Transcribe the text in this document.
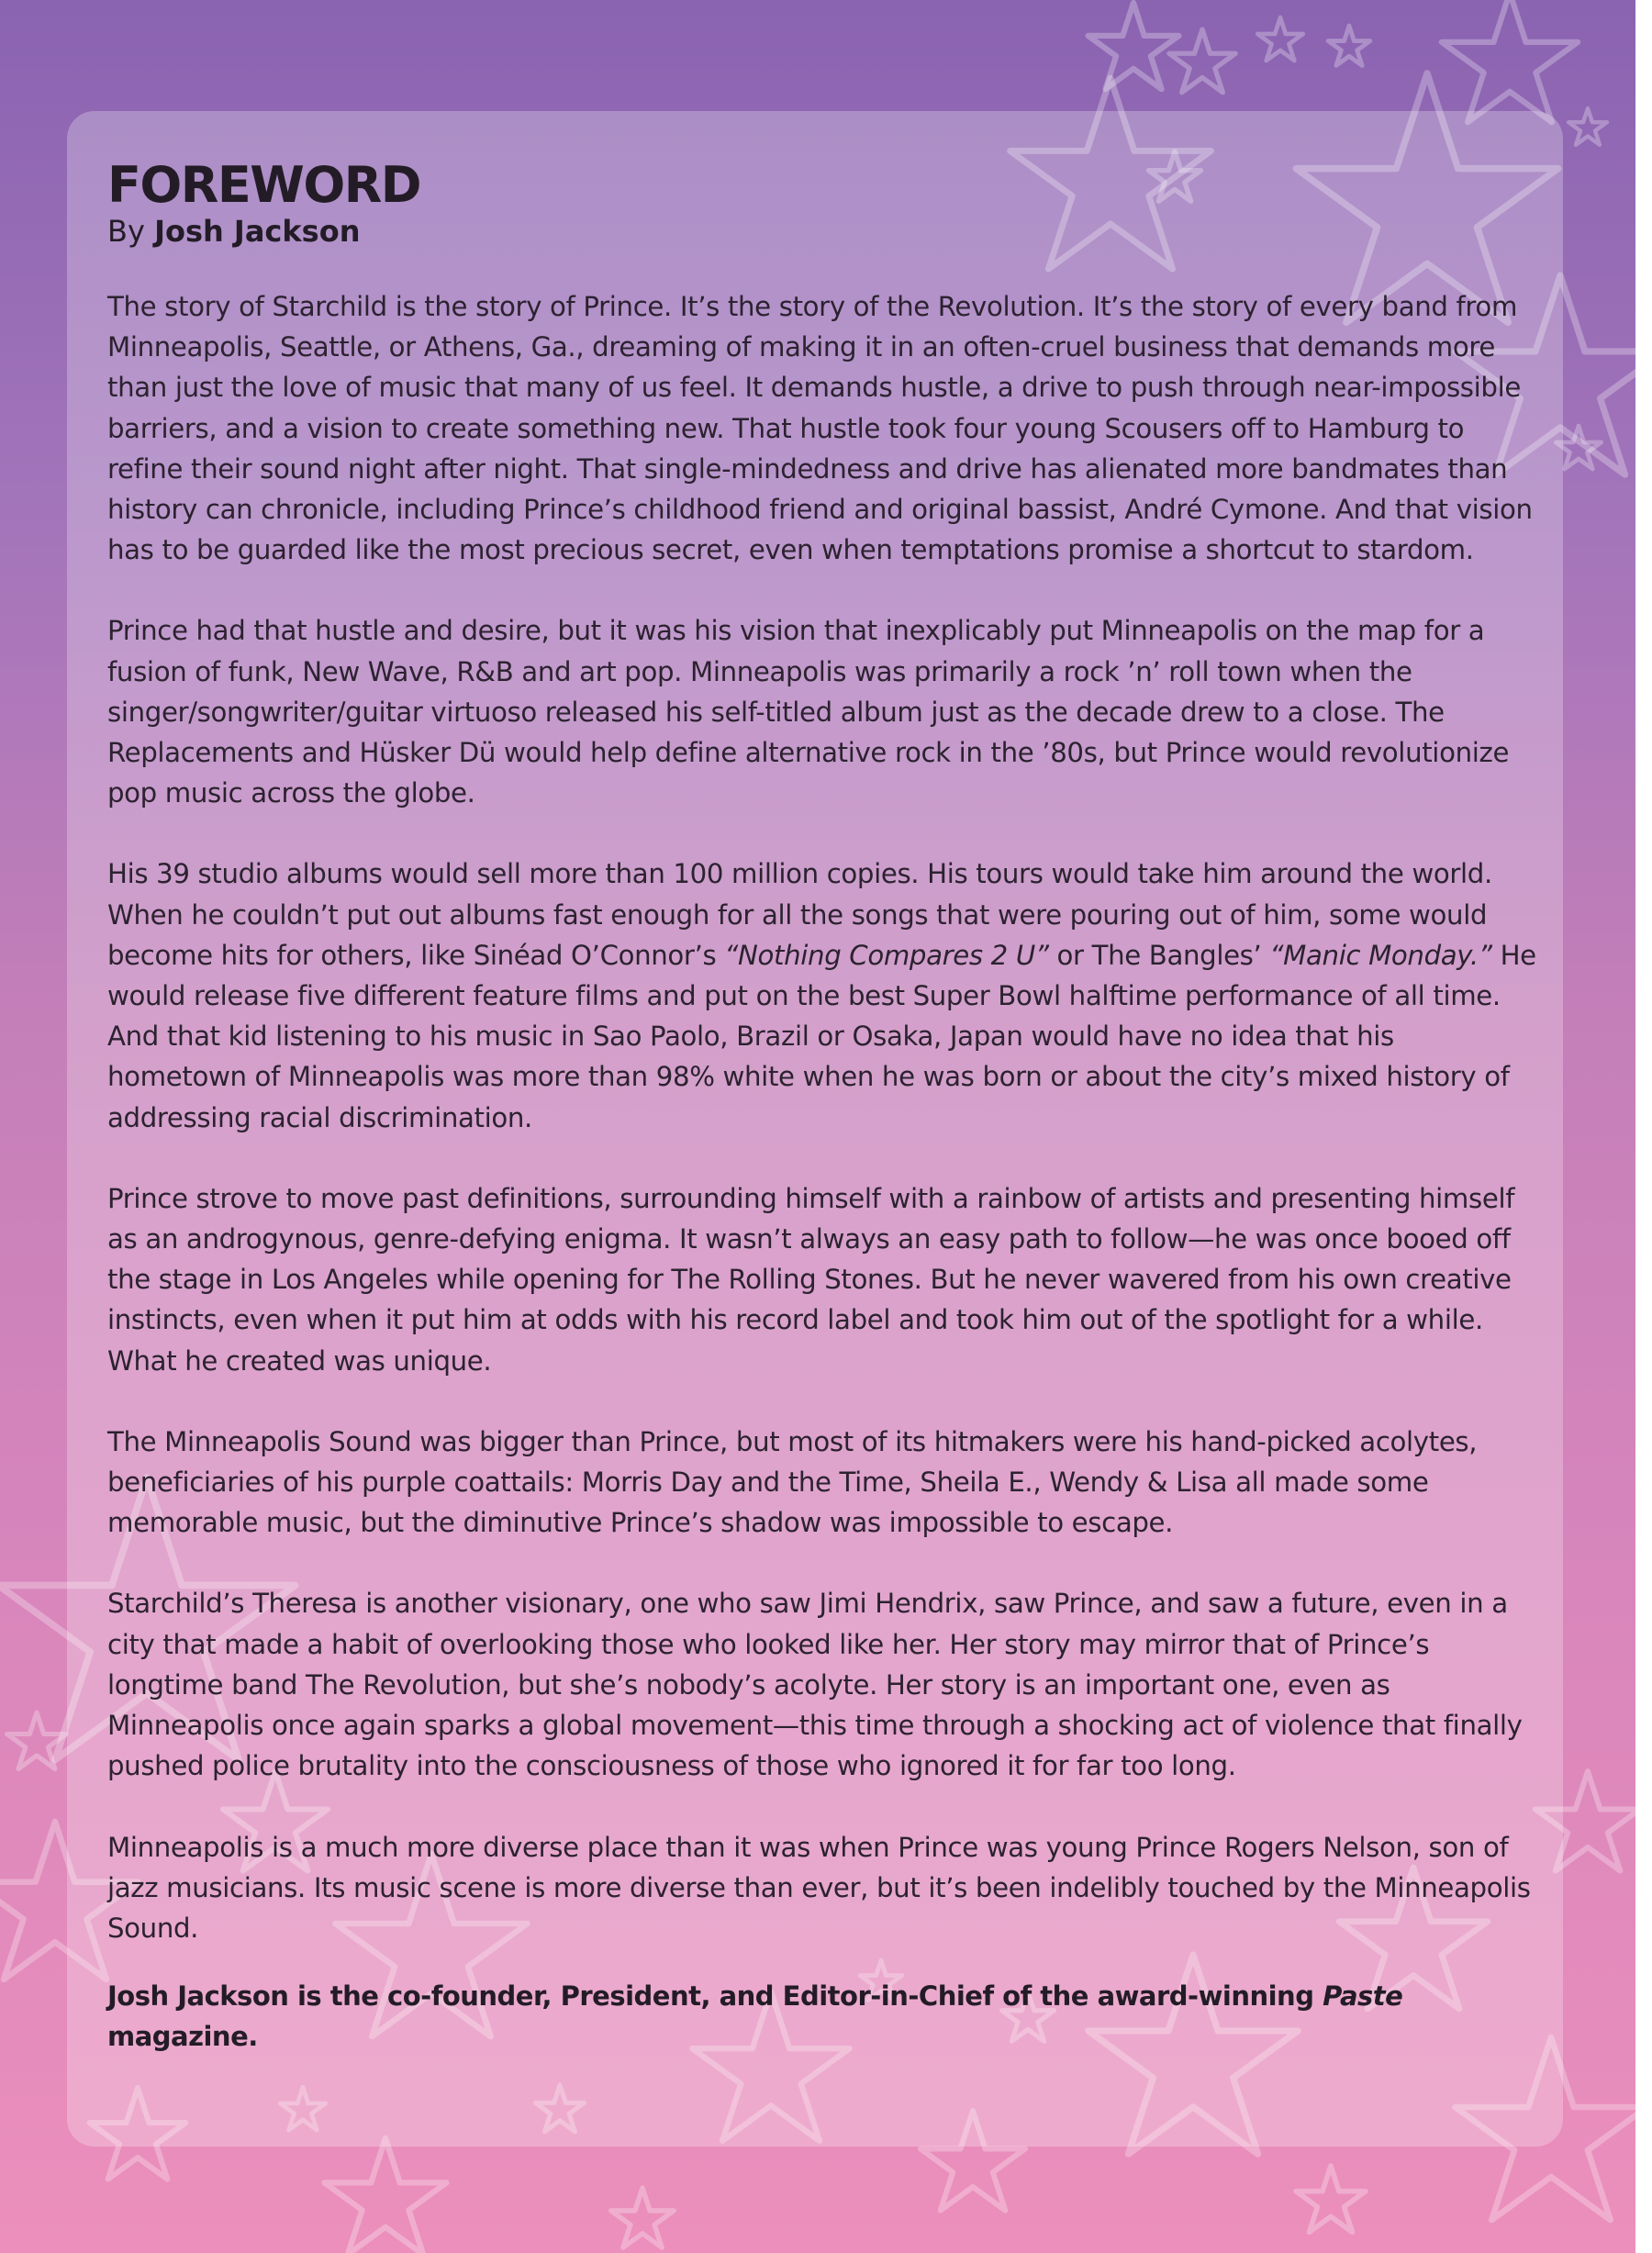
FOREWORD

By Josh Jackson

The story of Starchild is the story of Prince. It’s the story of the Revolution. It’s the story of every band from Minneapolis, Seattle, or Athens, Ga., dreaming of making it in an often-cruel business that demands more than just the love of music that many of us feel. It demands hustle, a drive to push through near-impossible barriers, and a vision to create something new. That hustle took four young Scousers off to Hamburg to refine their sound night after night. That single-mindedness and drive has alienated more bandmates than history can chronicle, including Prince’s childhood friend and original bassist, André Cymone. And that vision has to be guarded like the most precious secret, even when temptations promise a shortcut to stardom.

Prince had that hustle and desire, but it was his vision that inexplicably put Minneapolis on the map for a fusion of funk, New Wave, R&B and art pop. Minneapolis was primarily a rock ’n’ roll town when the singer/songwriter/guitar virtuoso released his self-titled album just as the decade drew to a close. The Replacements and Hüsker Dü would help define alternative rock in the ’80s, but Prince would revolutionize pop music across the globe.

His 39 studio albums would sell more than 100 million copies. His tours would take him around the world. When he couldn’t put out albums fast enough for all the songs that were pouring out of him, some would become hits for others, like Sinéad O’Connor’s “Nothing Compares 2 U” or The Bangles’ “Manic Monday.” He would release five different feature films and put on the best Super Bowl halftime performance of all time. And that kid listening to his music in Sao Paolo, Brazil or Osaka, Japan would have no idea that his hometown of Minneapolis was more than 98% white when he was born or about the city’s mixed history of addressing racial discrimination.

Prince strove to move past definitions, surrounding himself with a rainbow of artists and presenting himself as an androgynous, genre-defying enigma. It wasn’t always an easy path to follow—he was once booed off the stage in Los Angeles while opening for The Rolling Stones. But he never wavered from his own creative instincts, even when it put him at odds with his record label and took him out of the spotlight for a while. What he created was unique.

The Minneapolis Sound was bigger than Prince, but most of its hitmakers were his hand-picked acolytes, beneficiaries of his purple coattails: Morris Day and the Time, Sheila E., Wendy & Lisa all made some memorable music, but the diminutive Prince’s shadow was impossible to escape.

Starchild’s Theresa is another visionary, one who saw Jimi Hendrix, saw Prince, and saw a future, even in a city that made a habit of overlooking those who looked like her. Her story may mirror that of Prince’s longtime band The Revolution, but she’s nobody’s acolyte. Her story is an important one, even as Minneapolis once again sparks a global movement—this time through a shocking act of violence that finally pushed police brutality into the consciousness of those who ignored it for far too long.

Minneapolis is a much more diverse place than it was when Prince was young Prince Rogers Nelson, son of jazz musicians. Its music scene is more diverse than ever, but it’s been indelibly touched by the Minneapolis Sound.

Josh Jackson is the co-founder, President, and Editor-in-Chief of the award-winning Paste magazine.
